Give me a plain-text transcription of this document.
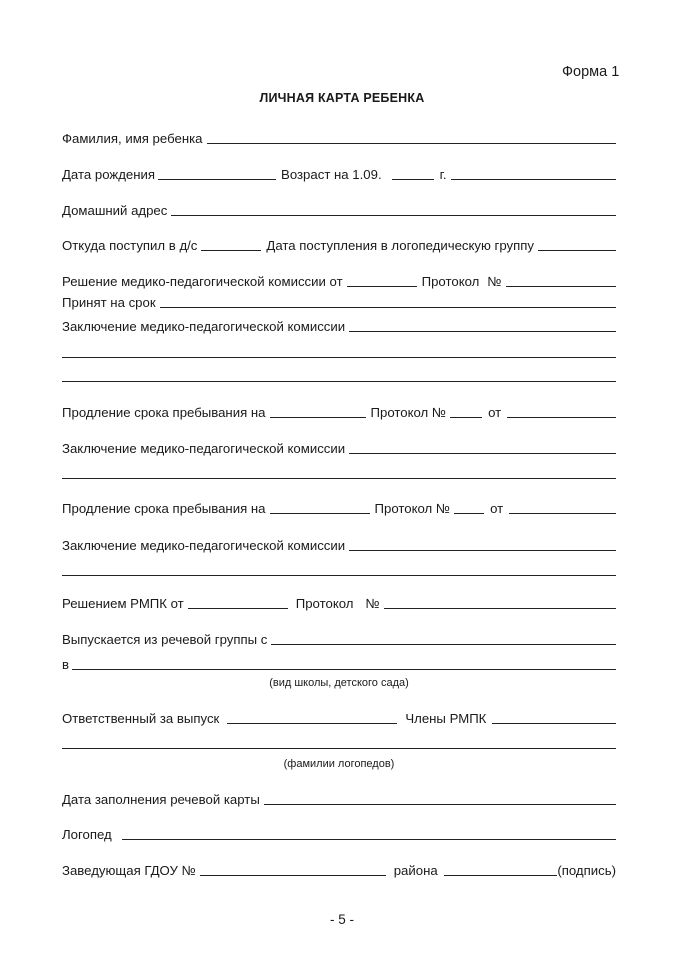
Форма 1
ЛИЧНАЯ КАРТА РЕБЕНКА
Фамилия, имя ребенка
Дата рождения	Возраст на 1.09.	г.
Домашний адрес
Откуда поступил в д/с	Дата поступления в логопедическую группу
Решение медико-педагогической комиссии от	Протокол №
Принят на срок
Заключение медико-педагогической комиссии
Продление срока пребывания на	Протокол №	от
Заключение медико-педагогической комиссии
Продление срока пребывания на	Протокол №	от
Заключение медико-педагогической комиссии
Решением РМПК от	Протокол №
Выпускается из речевой группы с
в
(вид школы, детского сада)
Ответственный за выпуск	Члены РМПК
(фамилии логопедов)
Дата заполнения речевой карты
Логопед
Заведующая ГДОУ №	района	(подпись)
- 5 -
